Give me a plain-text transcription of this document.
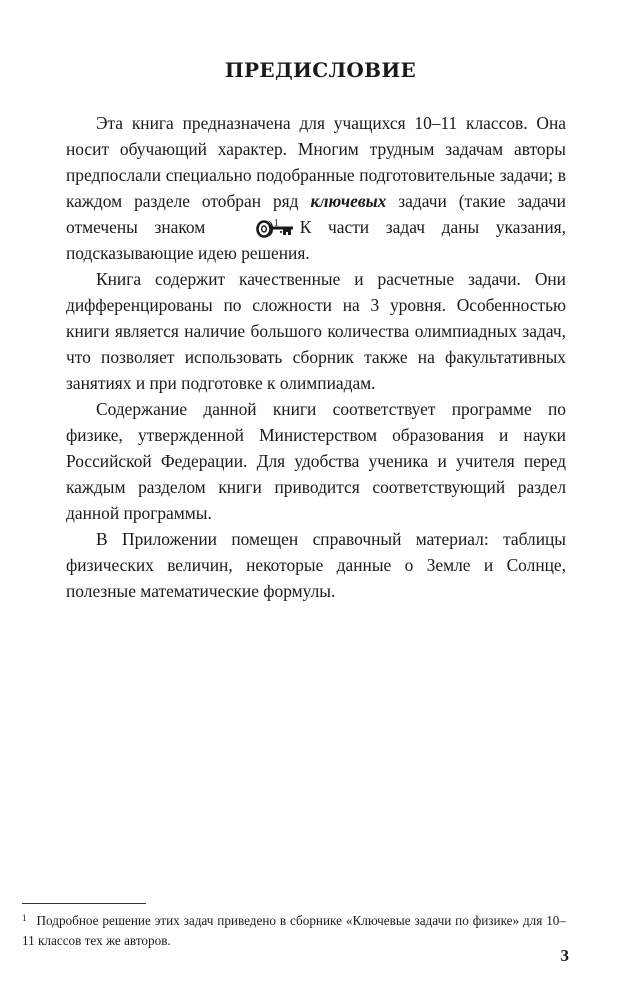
ПРЕДИСЛОВИЕ

Эта книга предназначена для учащихся 10–11 классов. Она носит обучающий характер. Многим трудным задачам авторы предпослали специально подобранные подготовительные задачи; в каждом разделе отобран ряд ключевых задачи (такие задачи отмечены знаком	)$^1$. К части задач даны указания, подсказывающие идею решения.

Книга содержит качественные и расчетные задачи. Они дифференцированы по сложности на 3 уровня. Особенностью книги является наличие большого количества олимпиадных задач, что позволяет использовать сборник также на факультативных занятиях и при подготовке к олимпиадам.

Содержание данной книги соответствует программе по физике, утвержденной Министерством образования и науки Российской Федерации. Для удобства ученика и учителя перед каждым разделом книги приводится соответствующий раздел данной программы.

В Приложении помещен справочный материал: таблицы физических величин, некоторые данные о Земле и Солнце, полезные математические формулы.

$^1$ Подробное решение этих задач приведено в сборнике «Ключевые задачи по физике» для 10–11 классов тех же авторов.
3
